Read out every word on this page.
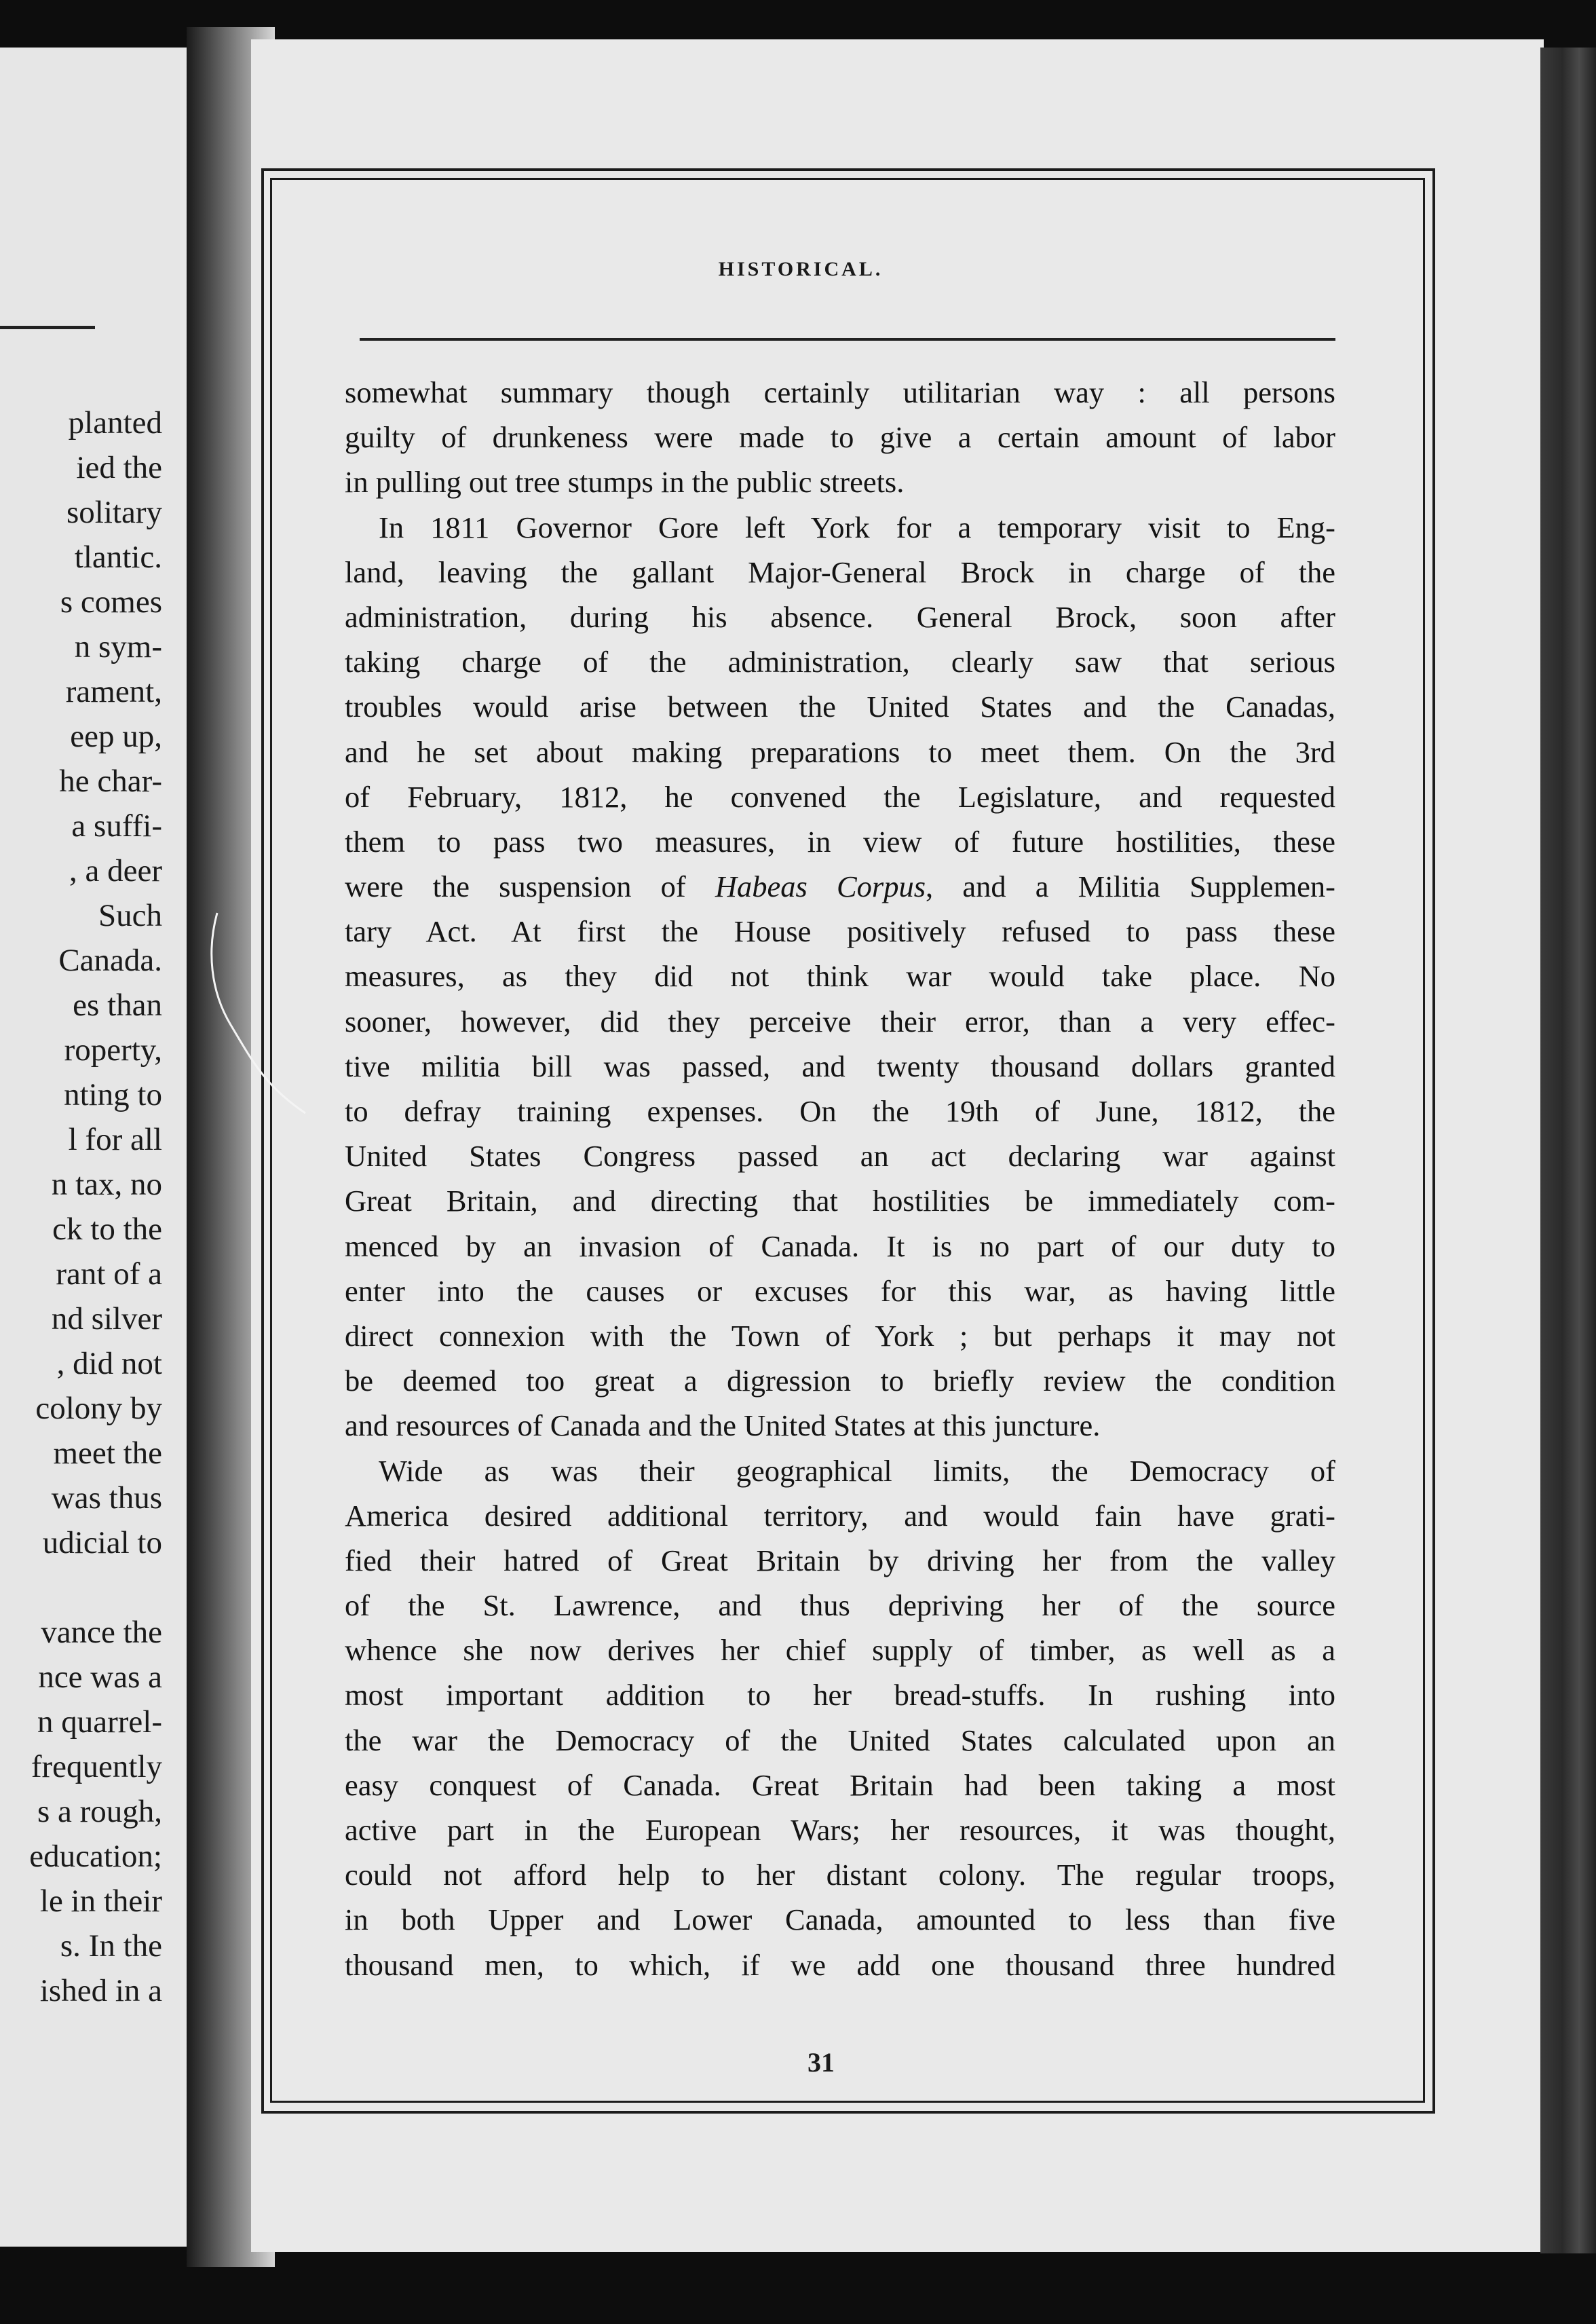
planted
ied the
solitary
tlantic.
s comes
n sym-
rament,
eep up,
he char-
a suffi-
, a deer
Such
Canada.
es than
roperty,
nting to
l for all
n tax, no
ck to the
rant of a
nd silver
, did not
colony by
meet the
was thus
udicial to
vance the
nce was a
n quarrel-
frequently
s a rough,
education;
le in their
s. In the
ished in a

HISTORICAL.

somewhat summary though certainly utilitarian way : all persons
guilty of drunkeness were made to give a certain amount of labor
in pulling out tree stumps in the public streets.
In 1811 Governor Gore left York for a temporary visit to Eng-
land, leaving the gallant Major-General Brock in charge of the
administration, during his absence. General Brock, soon after
taking charge of the administration, clearly saw that serious
troubles would arise between the United States and the Canadas,
and he set about making preparations to meet them. On the 3rd
of February, 1812, he convened the Legislature, and requested
them to pass two measures, in view of future hostilities, these
were the suspension of Habeas Corpus, and a Militia Supplemen-
tary Act. At first the House positively refused to pass these
measures, as they did not think war would take place. No
sooner, however, did they perceive their error, than a very effec-
tive militia bill was passed, and twenty thousand dollars granted
to defray training expenses. On the 19th of June, 1812, the
United States Congress passed an act declaring war against
Great Britain, and directing that hostilities be immediately com-
menced by an invasion of Canada. It is no part of our duty to
enter into the causes or excuses for this war, as having little
direct connexion with the Town of York ; but perhaps it may not
be deemed too great a digression to briefly review the condition
and resources of Canada and the United States at this juncture.
Wide as was their geographical limits, the Democracy of
America desired additional territory, and would fain have grati-
fied their hatred of Great Britain by driving her from the valley
of the St. Lawrence, and thus depriving her of the source
whence she now derives her chief supply of timber, as well as a
most important addition to her bread-stuffs. In rushing into
the war the Democracy of the United States calculated upon an
easy conquest of Canada. Great Britain had been taking a most
active part in the European Wars; her resources, it was thought,
could not afford help to her distant colony. The regular troops,
in both Upper and Lower Canada, amounted to less than five
thousand men, to which, if we add one thousand three hundred

31
